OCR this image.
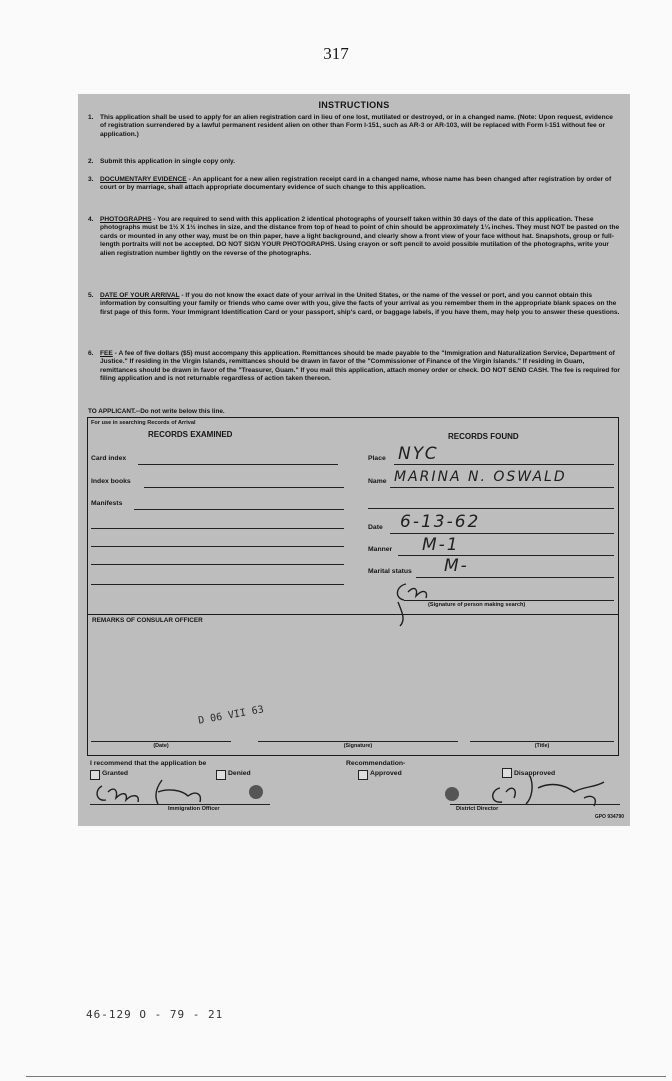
317
INSTRUCTIONS
1. This application shall be used to apply for an alien registration card in lieu of one lost, mutilated or destroyed, or in a changed name. (Note: Upon request, evidence of registration surrendered by a lawful permanent resident alien on other than Form I-151, such as AR-3 or AR-103, will be replaced with Form I-151 without fee or application.)
2. Submit this application in single copy only.
3. DOCUMENTARY EVIDENCE - An applicant for a new alien registration receipt card in a changed name, whose name has been changed after registration by order of court or by marriage, shall attach appropriate documentary evidence of such change to this application.
4. PHOTOGRAPHS - You are required to send with this application 2 identical photographs of yourself taken within 30 days of the date of this application. These photographs must be 1½ X 1½ inches in size, and the distance from top of head to point of chin should be approximately 1¼ inches. They must NOT be pasted on the cards or mounted in any other way, must be on thin paper, have a light background, and clearly show a front view of your face without hat. Snapshots, group or full-length portraits will not be accepted. DO NOT SIGN YOUR PHOTOGRAPHS. Using crayon or soft pencil to avoid possible mutilation of the photographs, write your alien registration number lightly on the reverse of the photographs.
5. DATE OF YOUR ARRIVAL - If you do not know the exact date of your arrival in the United States, or the name of the vessel or port, and you cannot obtain this information by consulting your family or friends who came over with you, give the facts of your arrival as you remember them in the appropriate blank spaces on the first page of this form. Your Immigrant Identification Card or your passport, ship's card, or baggage labels, if you have them, may help you to answer these questions.
6. FEE - A fee of five dollars ($5) must accompany this application. Remittances should be made payable to the "Immigration and Naturalization Service, Department of Justice." If residing in the Virgin Islands, remittances should be drawn in favor of the "Commissioner of Finance of the Virgin Islands." If residing in Guam, remittances should be drawn in favor of the "Treasurer, Guam." If you mail this application, attach money order or check. DO NOT SEND CASH. The fee is required for filing application and is not returnable regardless of action taken thereon.
TO APPLICANT.--Do not write below this line.
For use in searching Records of Arrival
RECORDS EXAMINED	RECORDS FOUND
Card index
Index books
Manifests
Place NYC
Name MARINA N. OSWALD
Date 6-13-62
Manner M-1
Marital status M-
(Signature of person making search)
REMARKS OF CONSULAR OFFICER
D 06 VII 63
(Date)	(Signature)	(Title)
I recommend that the application be
Granted	Denied
Recommendation-
Approved	Disapproved
Immigration Officer	District Director
GPO 934790
46-129 O - 79 - 21
